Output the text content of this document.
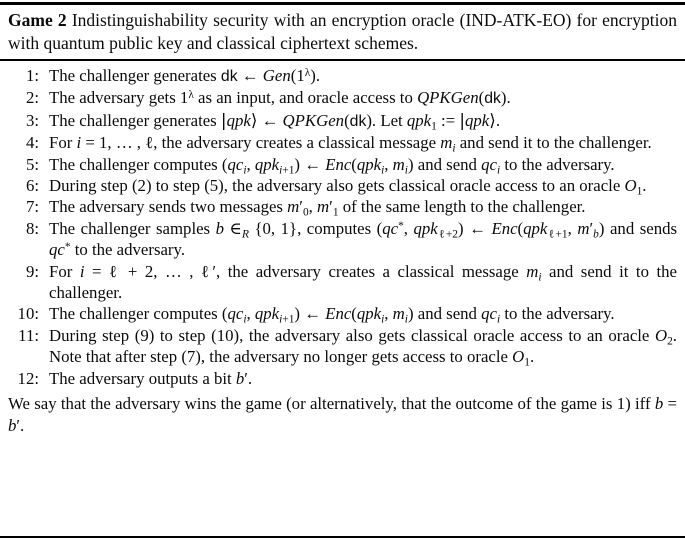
Game 2 Indistinguishability security with an encryption oracle (IND-ATK-EO) for encryption with quantum public key and classical ciphertext schemes.
1: The challenger generates dk ← $Gen(1^\lambda)$.
2: The adversary gets $1^\lambda$ as an input, and oracle access to QPKGen(dk).
3: The challenger generates |qpk⟩ ← QPKGen(dk). Let qpk$_1$ := |qpk⟩.
4: For i = 1, … , ℓ, the adversary creates a classical message $m_i$ and send it to the challenger.
5: The challenger computes ($qc_i$, qpk$_{i+1}$) ← Enc(qpk$_i$, $m_i$) and send $qc_i$ to the adversary.
6: During step (2) to step (5), the adversary also gets classical oracle access to an oracle $O_1$.
7: The adversary sends two messages $m'_0$, $m'_1$ of the same length to the challenger.
8: The challenger samples b $\in_R$ {0, 1}, computes (qc*, qpk$_{\ell+2}$) ← Enc(qpk$_{\ell+1}$, $m'_b$) and sends qc* to the adversary.
9: For i = ℓ + 2, … , ℓ′, the adversary creates a classical message $m_i$ and send it to the challenger.
10: The challenger computes ($qc_i$, qpk$_{i+1}$) ← Enc(qpk$_i$, $m_i$) and send $qc_i$ to the adversary.
11: During step (9) to step (10), the adversary also gets classical oracle access to an oracle $O_2$. Note that after step (7), the adversary no longer gets access to oracle $O_1$.
12: The adversary outputs a bit b′.
We say that the adversary wins the game (or alternatively, that the outcome of the game is 1) iff b = b′.
